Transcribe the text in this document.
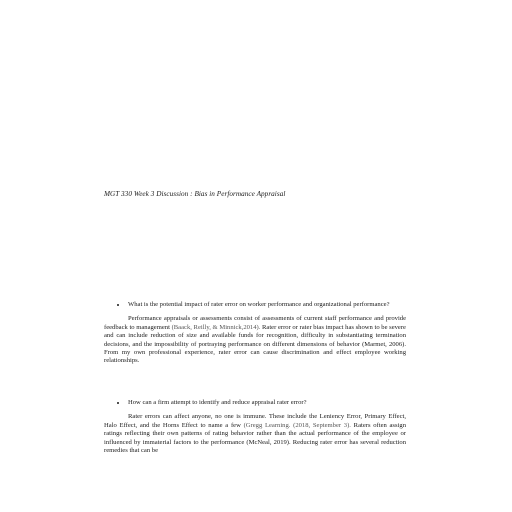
MGT 330 Week 3 Discussion : Bias in Performance Appraisal
What is the potential impact of rater error on worker performance and organizational performance?

Performance appraisals or assessments consist of assessments of current staff performance and provide feedback to management (Baack, Reilly, & Minnick,2014). Rater error or rater bias impact has shown to be severe and can include reduction of size and available funds for recognition, difficulty in substantiating termination decisions, and the impossibility of portraying performance on different dimensions of behavior (Marmet, 2006). From my own professional experience, rater error can cause discrimination and effect employee working relationships.

How can a firm attempt to identify and reduce appraisal rater error?

Rater errors can affect anyone, no one is immune. These include the Leniency Error, Primary Effect, Halo Effect, and the Horns Effect to name a few (Gregg Learning. (2018, September 3). Raters often assign ratings reflecting their own patterns of rating behavior rather than the actual performance of the employee or influenced by immaterial factors to the performance (McNeal, 2019). Reducing rater error has several reduction remedies that can be
